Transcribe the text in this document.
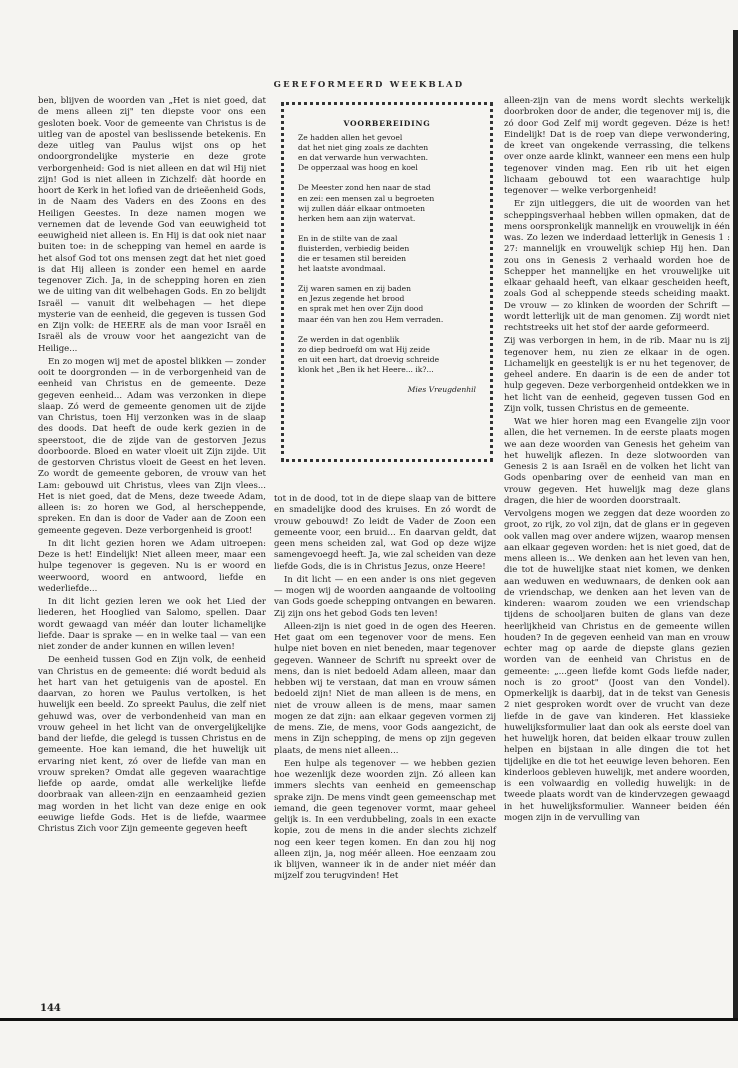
GEREFORMEERD WEEKBLAD

ben, blijven de woorden van „Het is niet goed, dat de mens alleen zij" ten diepste voor ons een gesloten boek. Voor de gemeente van Christus is de uitleg van de apostel van beslissende betekenis. En deze uitleg van Paulus wijst ons op het ondoorgrondelijke mysterie en deze grote verborgenheid: God is niet alleen en dat wil Hij niet zijn! God is niet alleen in Zichzelf: dàt hoorde en hoort de Kerk in het lofied van de drieëenheid Gods, in de Naam des Vaders en des Zoons en des Heiligen Geestes. In deze namen mogen we vernemen dat de levende God van eeuwigheid tot eeuwigheid niet alleen is. En Hij is dat ook niet naar buiten toe: in de schepping van hemel en aarde is het alsof God tot ons mensen zegt dat het niet goed is dat Hij alleen is zonder een hemel en aarde tegenover Zich. Ja, in de schepping horen en zien we de uiting van dit welbehagen Gods. En zo belijdt Israël — vanuit dit welbehagen — het diepe mysterie van de eenheid, die gegeven is tussen God en Zijn volk: de HEERE als de man voor Israël en Israël als de vrouw voor het aangezicht van de Heilige...

En zo mogen wij met de apostel blikken — zonder ooit te doorgronden — in de verborgenheid van de eenheid van Christus en de gemeente. Deze gegeven eenheid... Adam was verzonken in diepe slaap. Zó werd de gemeente genomen uit de zijde van Christus, toen Hij verzonken was in de slaap des doods. Dat heeft de oude kerk gezien in de speerstoot, die de zijde van de gestorven Jezus doorboorde. Bloed en water vloeit uit Zijn zijde. Uit de gestorven Christus vloeit de Geest en het leven. Zo wordt de gemeente geboren, de vrouw van het Lam: gebouwd uit Christus, vlees van Zijn vlees... Het is niet goed, dat de Mens, deze tweede Adam, alleen is: zo horen we God, al herscheppende, spreken. En dan is door de Vader aan de Zoon een gemeente gegeven. Deze verborgenheid is groot!

In dit licht gezien horen we Adam uitroepen: Deze is het! Eindelijk! Niet alleen meer, maar een hulpe tegenover is gegeven. Nu is er woord en weerwoord, woord en antwoord, liefde en wederliefde...

In dit licht gezien leren we ook het Lied der liederen, het Hooglied van Salomo, spellen. Daar wordt gewaagd van méér dan louter lichamelijke liefde. Daar is sprake — en in welke taal — van een niet zonder de ander kunnen en willen leven!

De eenheid tussen God en Zijn volk, de eenheid van Christus en de gemeente: dié wordt beduid als het hart van het getuigenis van de apostel. En daarvan, zo horen we Paulus vertolken, is het huwelijk een beeld. Zo spreekt Paulus, die zelf niet gehuwd was, over de verbondenheid van man en vrouw geheel in het licht van de onvergelijkelijke band der liefde, die gelegd is tussen Christus en de gemeente. Hoe kan iemand, die het huwelijk uit ervaring niet kent, zó over de liefde van man en vrouw spreken? Omdat alle gegeven waarachtige liefde op aarde, omdat alle werkelijke liefde doorbraak van alleen-zijn en eenzaamheid gezien mag worden in het licht van deze enige en ook eeuwige liefde Gods. Het is de liefde, waarmee Christus Zich voor Zijn gemeente gegeven heeft

VOORBEREIDING
Ze hadden allen het gevoel
dat het niet ging zoals ze dachten
en dat verwarde hun verwachten.
De opperzaal was hoog en koel
De Meester zond hen naar de stad
en zei: een mensen zal u begroeten
wij zullen dáár elkaar ontmoeten
herken hem aan zijn watervat.
En in de stilte van de zaal
fluisterden, verbiedig beiden
die er tesamen stil bereiden
het laatste avondmaal.
Zij waren samen en zij baden
en Jezus zegende het brood
en sprak met hen over Zijn dood
maar één van hen zou Hem verraden.
Ze werden in dat ogenblik
zo diep bedroefd om wat Hij zeide
en uit een hart, dat droevig schreide
klonk het „Ben ik het Heere... ik?...
Mies Vreugdenhil

tot in de dood, tot in de diepe slaap van de bittere en smadelijke dood des kruises. En zó wordt de vrouw gebouwd! Zo leidt de Vader de Zoon een gemeente voor, een bruid... En daarvan geldt, dat geen mens scheiden zal, wat God op deze wijze samengevoegd heeft. Ja, wie zal scheiden van deze liefde Gods, die is in Christus Jezus, onze Heere!

In dit licht — en een ander is ons niet gegeven — mogen wij de woorden aangaande de voltooiing van Gods goede schepping ontvangen en bewaren. Zij zijn ons het gebod Gods ten leven!

Alleen-zijn is niet goed in de ogen des Heeren. Het gaat om een tegenover voor de mens. Een hulpe niet boven en niet beneden, maar tegenover gegeven. Wanneer de Schrift nu spreekt over de mens, dan is niet bedoeld Adam alleen, maar dan hebben wij te verstaan, dat man en vrouw sámen bedoeld zijn! Niet de man alleen is de mens, en niet de vrouw alleen is de mens, maar samen mogen ze dat zijn: aan elkaar gegeven vormen zij de mens. Zie, de mens, voor Gods aangezicht, de mens in Zijn schepping, de mens op zijn gegeven plaats, de mens niet alleen...

Een hulpe als tegenover — we hebben gezien hoe wezenlijk deze woorden zijn. Zó alleen kan immers slechts van eenheid en gemeenschap sprake zijn. De mens vindt geen gemeenschap met iemand, die geen tegenover vormt, maar geheel gelijk is. In een verdubbeling, zoals in een exacte kopie, zou de mens in die ander slechts zichzelf nog een keer tegen komen. En dan zou hij nog alleen zijn, ja, nog méér alleen. Hoe eenzaam zou ik blijven, wanneer ik in de ander niet méér dan mijzelf zou terugvinden! Het

alleen-zijn van de mens wordt slechts werkelijk doorbroken door de ander, die tegenover mij is, die zó door God Zelf mij wordt gegeven. Déze is het! Eindelijk! Dat is de roep van diepe verwondering, de kreet van ongekende verrassing, die telkens over onze aarde klinkt, wanneer een mens een hulp tegenover vinden mag. Een rib uit het eigen lichaam gebouwd tot een waarachtige hulp tegenover — welke verborgenheid!

Er zijn uitleggers, die uit de woorden van het scheppingsverhaal hebben willen opmaken, dat de mens oorspronkelijk mannelijk en vrouwelijk in één was. Zo lezen we inderdaad letterlijk in Genesis 1 : 27: mannelijk en vrouwelijk schiep Hij hen. Dan zou ons in Genesis 2 verhaald worden hoe de Schepper het mannelijke en het vrouwelijke uit elkaar gehaald heeft, van elkaar gescheiden heeft, zoals God al scheppende steeds scheiding maakt. De vrouw — zo klinken de woorden der Schrift — wordt letterlijk uit de man genomen. Zij wordt niet rechtstreeks uit het stof der aarde geformeerd.

Zij was verborgen in hem, in de rib. Maar nu is zij tegenover hem, nu zien ze elkaar in de ogen. Lichamelijk en geestelijk is er nu het tegenover, de geheel andere. En daarin is de een de ander tot hulp gegeven. Deze verborgenheid ontdekken we in het licht van de eenheid, gegeven tussen God en Zijn volk, tussen Christus en de gemeente.

Wat we hier horen mag een Evangelie zijn voor allen, die het vernemen. In de eerste plaats mogen we aan deze woorden van Genesis het geheim van het huwelijk aflezen. In deze slotwoorden van Genesis 2 is aan Israël en de volken het licht van Gods openbaring over de eenheid van man en vrouw gegeven. Het huwelijk mag deze glans dragen, die hier de woorden doorstraalt.

Vervolgens mogen we zeggen dat deze woorden zo groot, zo rijk, zo vol zijn, dat de glans er in gegeven ook vallen mag over andere wijzen, waarop mensen aan elkaar gegeven worden: het is niet goed, dat de mens alleen is... We denken aan het leven van hen, die tot de huwelijke staat niet komen, we denken aan weduwen en weduwnaars, de denken ook aan de vriendschap, we denken aan het leven van de kinderen: waarom zouden we een vriendschap tijdens de schooljaren buiten de glans van deze heerlijkheid van Christus en de gemeente willen houden? In de gegeven eenheid van man en vrouw echter mag op aarde de diepste glans gezien worden van de eenheid van Christus en de gemeente: „...geen liefde komt Gods liefde nader, noch is zo groot" (Joost van den Vondel). Opmerkelijk is daarbij, dat in de tekst van Genesis 2 niet gesproken wordt over de vrucht van deze liefde in de gave van kinderen. Het klassieke huwelijksformulier laat dan ook als eerste doel van het huwelijk horen, dat beiden elkaar trouw zullen helpen en bijstaan in alle dingen die tot het tijdelijke en die tot het eeuwige leven behoren. Een kinderloos gebleven huwelijk, met andere woorden, is een volwaardig en volledig huwelijk: in de tweede plaats wordt van de kindervzegen gewaagd in het huwelijksformulier. Wanneer beiden één mogen zijn in de vervulling van

144
